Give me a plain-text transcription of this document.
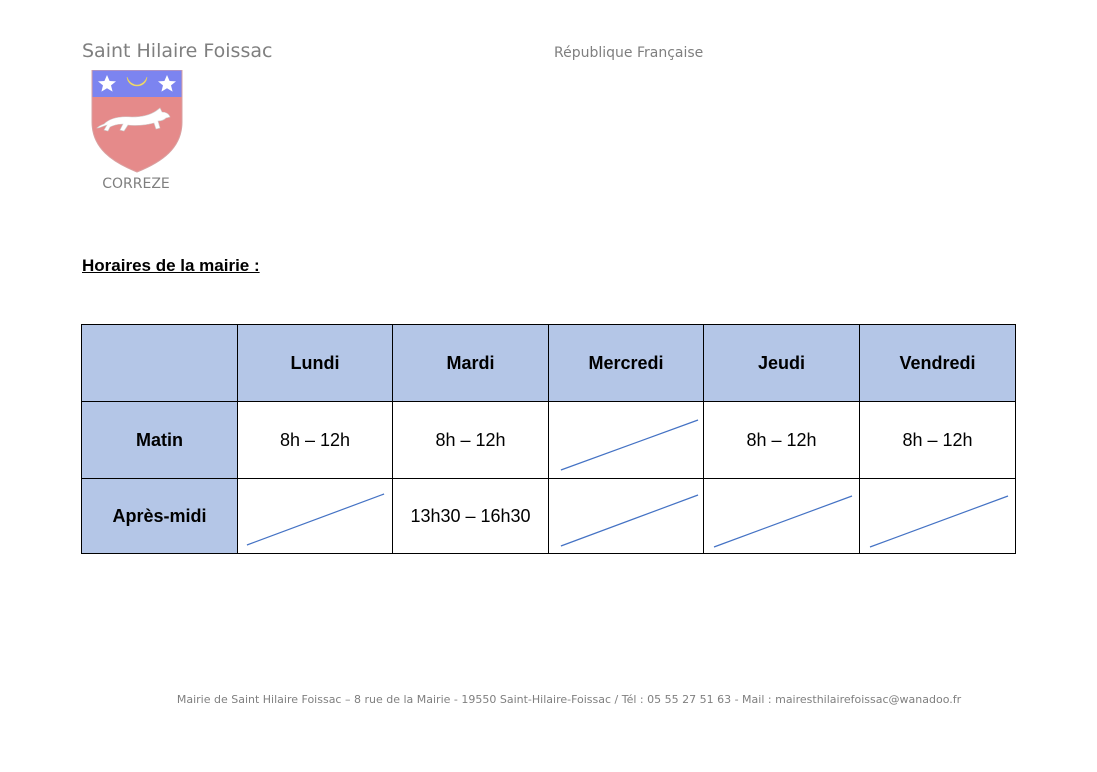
Saint Hilaire Foissac	République Française
CORREZE
Horaires de la mairie :
	Lundi	Mardi	Mercredi	Jeudi	Vendredi
Matin	8h – 12h	8h – 12h		8h – 12h	8h – 12h
Après-midi		13h30 – 16h30	

Mairie de Saint Hilaire Foissac – 8 rue de la Mairie - 19550 Saint-Hilaire-Foissac / Tél : 05 55 27 51 63 - Mail : mairesthilairefoissac@wanadoo.fr
